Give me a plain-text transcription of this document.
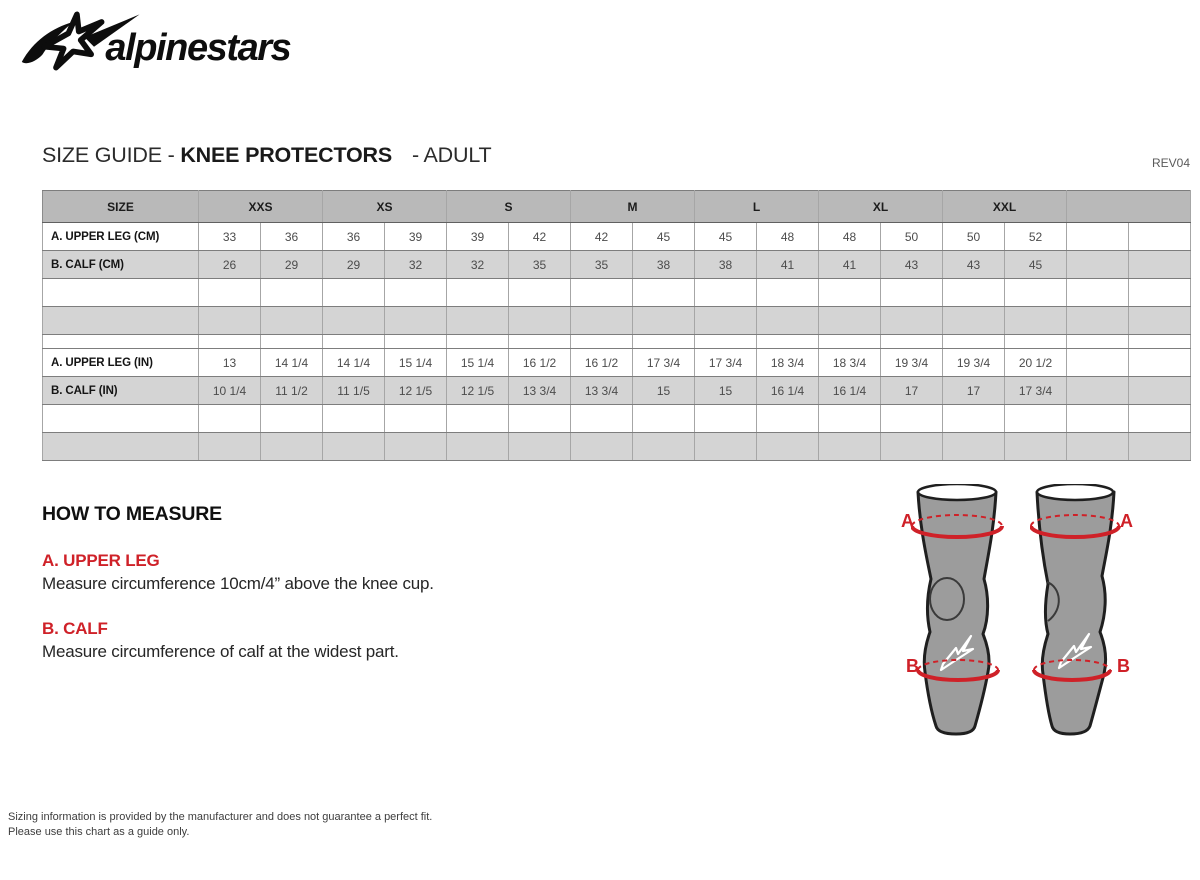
alpinestars
SIZE GUIDE - KNEE PROTECTORS - ADULT	REV04
SIZE	XXS		XS		S		M		L		XL		XXL			
A. UPPER LEG (CM)	33	36	36	39	39	42	42	45	45	48	48	50	50	52		
B. CALF (CM)	26	29	29	32	32	35	35	38	38	41	41	43	43	45		

A. UPPER LEG (IN)	13	14 1/4	14 1/4	15 1/4	15 1/4	16 1/2	16 1/2	17 3/4	17 3/4	18 3/4	18 3/4	19 3/4	19 3/4	20 1/2		
B. CALF (IN)	10 1/4	11 1/2	11 1/5	12 1/5	12 1/5	13 3/4	13 3/4	15	15	16 1/4	16 1/4	17	17	17 3/4		

HOW TO MEASURE
A. UPPER LEG
Measure circumference 10cm/4” above the knee cup.
B. CALF
Measure circumference of calf at the widest part.
A
B
A
B
Sizing information is provided by the manufacturer and does not guarantee a perfect fit.
Please use this chart as a guide only.
